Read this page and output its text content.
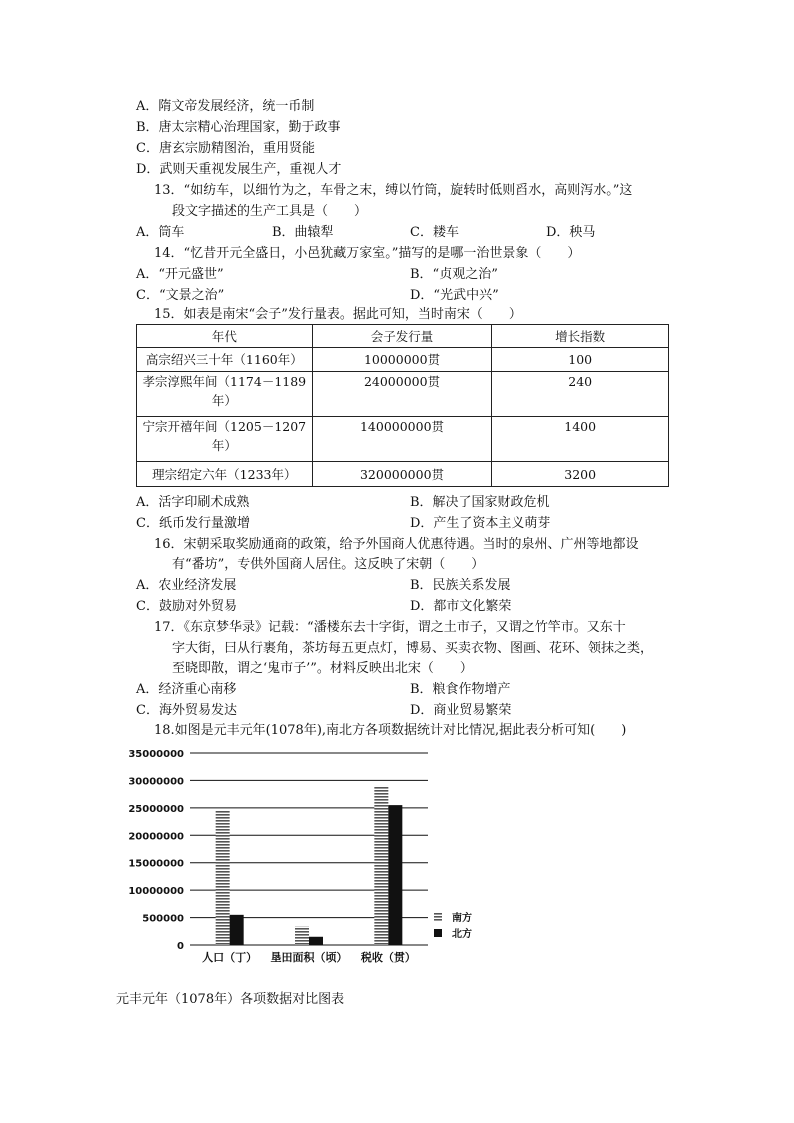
A．隋文帝发展经济，统一币制
B．唐太宗精心治理国家，勤于政事
C．唐玄宗励精图治，重用贤能
D．武则天重视发展生产，重视人才
13．“如纺车，以细竹为之，车骨之末，缚以竹筒，旋转时低则舀水，高则泻水。”这
段文字描述的生产工具是（　　）
A．筒车	B．曲辕犁	C．耧车	D．秧马
14．“忆昔开元全盛日，小邑犹藏万家室。”描写的是哪一治世景象（　　）
A．“开元盛世”	B．“贞观之治”
C．“文景之治”	D．“光武中兴”
15．如表是南宋“会子”发行量表。据此可知，当时南宋（　　）
年代	会子发行量	增长指数
高宗绍兴三十年（1160年）	10000000贯	100
孝宗淳熙年间（1174－1189年）	24000000贯	240
宁宗开禧年间（1205－1207年）	140000000贯	1400
理宗绍定六年（1233年）	320000000贯	3200
A．活字印刷术成熟	B．解决了国家财政危机
C．纸币发行量激增	D．产生了资本主义萌芽
16．宋朝采取奖励通商的政策，给予外国商人优惠待遇。当时的泉州、广州等地都设
有“番坊”，专供外国商人居住。这反映了宋朝（　　）
A．农业经济发展	B．民族关系发展
C．鼓励对外贸易	D．都市文化繁荣
17．《东京梦华录》记载：“潘楼东去十字街，谓之土市子，又谓之竹竿市。又东十
字大街，曰从行裹角，茶坊每五更点灯，博易、买卖衣物、图画、花环、领抹之类，
至晓即散，谓之‘鬼市子’”。材料反映出北宋（　　）
A．经济重心南移	B．粮食作物增产
C．海外贸易发达	D．商业贸易繁荣
18.如图是元丰元年(1078年),南北方各项数据统计对比情况,据此表分析可知(　　)
0
500000
10000000
15000000
20000000
25000000
30000000
35000000
人口（丁） 垦田面积（顷） 税收（贯）
南方
北方
元丰元年（1078年）各项数据对比图表
